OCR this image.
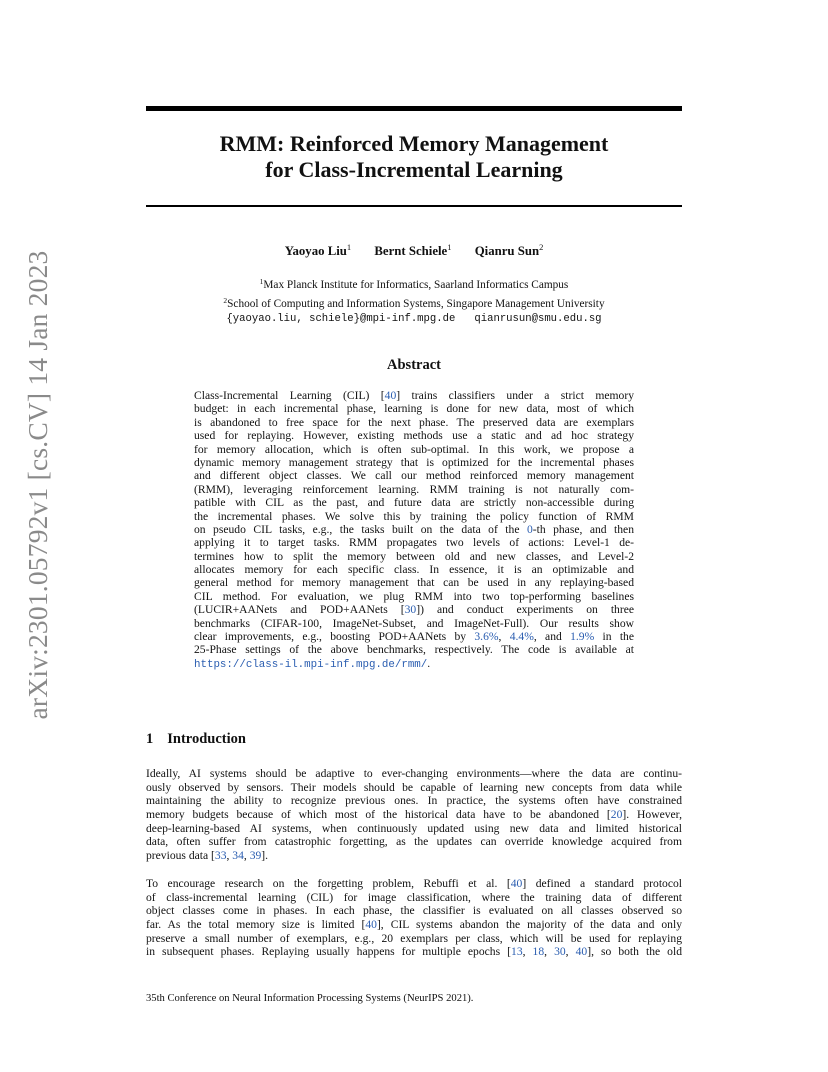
arXiv:2301.05792v1 [cs.CV] 14 Jan 2023
RMM: Reinforced Memory Management
for Class-Incremental Learning
Yaoyao Liu$^1$ Bernt Schiele$^1$ Qianru Sun$^2$
$^1$Max Planck Institute for Informatics, Saarland Informatics Campus
$^2$School of Computing and Information Systems, Singapore Management University
{yaoyao.liu, schiele}@mpi-inf.mpg.de   qianrusun@smu.edu.sg
Abstract
Class-Incremental Learning (CIL) [40] trains classifiers under a strict memory
budget: in each incremental phase, learning is done for new data, most of which
is abandoned to free space for the next phase. The preserved data are exemplars
used for replaying. However, existing methods use a static and ad hoc strategy
for memory allocation, which is often sub-optimal. In this work, we propose a
dynamic memory management strategy that is optimized for the incremental phases
and different object classes. We call our method reinforced memory management
(RMM), leveraging reinforcement learning. RMM training is not naturally com-
patible with CIL as the past, and future data are strictly non-accessible during
the incremental phases. We solve this by training the policy function of RMM
on pseudo CIL tasks, e.g., the tasks built on the data of the 0-th phase, and then
applying it to target tasks. RMM propagates two levels of actions: Level-1 de-
termines how to split the memory between old and new classes, and Level-2
allocates memory for each specific class. In essence, it is an optimizable and
general method for memory management that can be used in any replaying-based
CIL method. For evaluation, we plug RMM into two top-performing baselines
(LUCIR+AANets and POD+AANets [30]) and conduct experiments on three
benchmarks (CIFAR-100, ImageNet-Subset, and ImageNet-Full). Our results show
clear improvements, e.g., boosting POD+AANets by 3.6%, 4.4%, and 1.9% in the
25-Phase settings of the above benchmarks, respectively. The code is available at
https://class-il.mpi-inf.mpg.de/rmm/.
1 Introduction
Ideally, AI systems should be adaptive to ever-changing environments—where the data are continu-
ously observed by sensors. Their models should be capable of learning new concepts from data while
maintaining the ability to recognize previous ones. In practice, the systems often have constrained
memory budgets because of which most of the historical data have to be abandoned [20]. However,
deep-learning-based AI systems, when continuously updated using new data and limited historical
data, often suffer from catastrophic forgetting, as the updates can override knowledge acquired from
previous data [33, 34, 39].
To encourage research on the forgetting problem, Rebuffi et al. [40] defined a standard protocol
of class-incremental learning (CIL) for image classification, where the training data of different
object classes come in phases. In each phase, the classifier is evaluated on all classes observed so
far. As the total memory size is limited [40], CIL systems abandon the majority of the data and only
preserve a small number of exemplars, e.g., 20 exemplars per class, which will be used for replaying
in subsequent phases. Replaying usually happens for multiple epochs [13, 18, 30, 40], so both the old
35th Conference on Neural Information Processing Systems (NeurIPS 2021).
